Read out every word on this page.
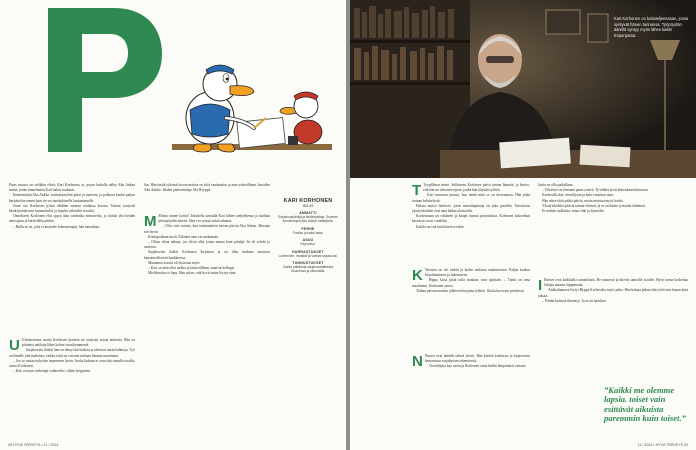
Paras muisto on vieläkin elävä: Kari Korhonen, ai, pojan luokalla nähty Aku Ankan tarina, jonka tunnelmaan Kari halusi mukaan.

Ensimmäisiä Aku Ankka -tarinoitaan hän piirsi jo nuorena, ja polkuun kuului paljon harjoittelua ennen kuin tie vei tanskalaiselle kustantamolle.

Suuri osa Korhosen työstä tehdään omassa rauhassa kotona. Tarinat syntyvät käsikirjoituksesta luonnoksiksi ja lopulta valmiiksi sivuiksi.

Onnekseen Korhonen ehti oppia alan vanhoilta mestareilta, ja kiittää yhä heidän neuvojaan ja kärsivällisyyttään.

– Hullu se on, joka ei kuuntele kokeneempia, hän naurahtaa.

U Uskomatonta, mutta Korhosen kynästä on syntynyt satoja tarinoita. Hän on piirtänyt ankkoja lähes kolme vuosikymmentä.

Sarjakuvien lisäksi hän on tehnyt kuvituksia ja ideoinut uusia hahmoja. Työ on hänelle yhä mieluista, vaikka tahti on vuosien mittaan hieman muuttunut.

– Joo se vastaa nykyisin tarpeeseen hyvin, koska kukaan ei osaa tätä samalla tavalla, sanoo Korhonen.

– Kari on kuin varhempi vaihtoehto, vähän lyöppinen.

hin. Hän tietää tyliensä tavoin maitoa on siitä vaatimaton ja aina ystävällinen, kuvailee Aku Ankka -lehden päätoimittaja Aki Hyyppä.

M Monia tuntee kotiin! Jokaisella aamulla Kari lähtee ateljeehensa ja istahtaa piirtopöydän ääreen. Idea voi syntyä mistä tahansa.

– Olin viisi vuotias, kun ensimmäisen kerran piirsin Aku Ankan. Muistan sen hyvin.

Koulupoikana myös Tiihinen oma vei mukanaan.

– Olisin vikaa nähnyt, jos olisin ollut jotain muuta kuin piirtäjä. Se oli selvää jo nuorena.

Sarjakuvien lisäksi Korhonen kirjoittaa ja on ollut mukana monessa kansainvälisessä hankkeessa.

Muutamia asioita oli historiaa myös.

– Kari on aina ollut tarkka ja kärsivällinen, sanovat kollegat.

Mielikuvitus ei lopu. Hän uskoo, että hyvä tarina löytyy aina.

KARI KORHONEN
IKÄ 49
AMMATTI
Sarjakuvapiirtäjä ja käsikirjoittaja. Suomen tunnetuimpia Aku Ankka -taiteilijoita.
PERHE
Puoliso ja kaksi lasta.
ASUU
Espoossa.
HARRASTUKSET
Lukeminen, musiikki ja vanhat sarjakuvat.
TUNNUSTUKSET
Useita palkintoja sarjakuvataiteesta Suomessa ja ulkomailla.
28 HYVÄ TERVEYS • 11 / 2024
Kari Korhonen on kotiateljeessaan, jossa syntyvät hänen tarinansa. Työpöydän äärellä syntyy myös lähes kaikki Espanjassa.

T Tyypillinen miete. Sellaisena Korhosen päivä tuntuu hänestä, ja kertoo, että hän on tietoinen ajasta, jonka hän käyttää työhön.

Kari innostuu jutusta, kun tietää mitä se on kertomassa. Hän pitää tarinan kehittelystä.

Hatara muisti häiritsee, joten muistiinpanoja on joka puolella. Tarvittavat yksityiskohdat ovat aina käden ulottuvilla.

Korkeintaan on riittäneet ja kaapit täynnä piirustuksia. Korhosen kokoelmat kasvavat vuosi vuodelta.

Kaikki on sitä mitä hän itse tekee.

K Taivasta on olo tärkeä ja kodin rauhasta nauttimiseen. Paljon kuuluu kirjoittamiseen ja lukemiseen.

Hippu kissa pitää tulla mukaan vain ajoittain. – Tämä on oma maailmani, Korhonen sanoo.

Tiukan päivän muistin jälkeen hän palaa työhön. Ilta kuluu usein piirtäessä.

N Nuoret ovat hänelle tärkeä yleisö. Hän kiertää kouluissa ja kirjastoissa kertomassa sarjakuvien tekemisestä.

Vierailijoita käy usein ja Korhonen ottaa heidät lämpimästi vastaan.

luista on ollu paikallaan.

– Televisio on ihminen paras ystävä. Ty-tähdet eivät kuitenkaan kiinnosta.

Korhosella käy vierailijoita ja kahvi maistuu aina.

Hän tekee töitä pitkiä päiviä, mutta muistaa myös levätä.

Yksityiskohdat pitävät tarinat elävinä, ja se on hänen työssään tärkeintä.

Ei mitään tuollaista, sanoo hän ja hymyilee.

I Ilmiset ovat kaikkialla samanlaisia. He nauravat ja itkevät samoille asioille. Hyvä tarina koskettaa lukijaa maasta riippumatta.

Ankkalinnassa löytyi Hyppä Korhoselta myös jatko. Hän haluaa jatkaa tätä työtä niin kauan kuin jaksaa.

– Piirtää kynässä ilmentyy. Ja se on hauskaa.

”Kaikki me olemme lapsia. toiset vain esittävät aikuista paremmin kuin toiset.”
11 / 2024 • HYVÄ TERVEYS 29
